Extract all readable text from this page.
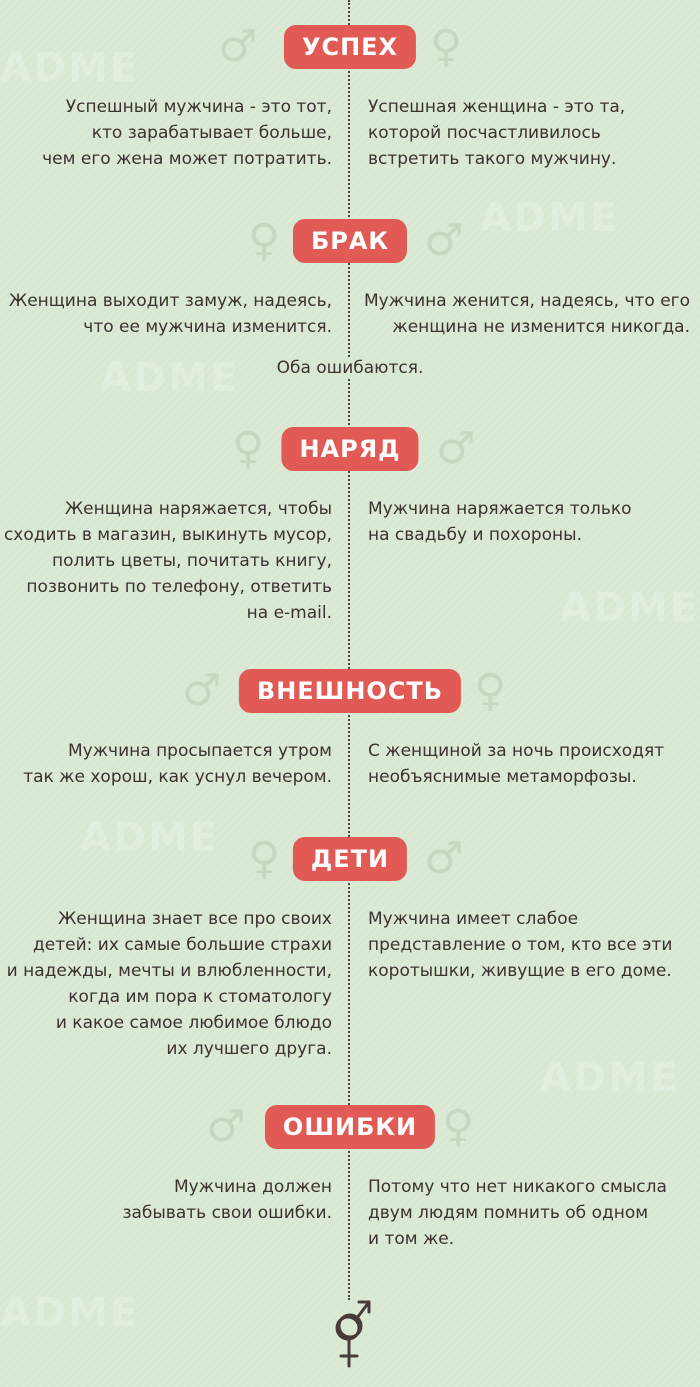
ADME
ADME
ADME
ADME
ADME
ADME
ADME
♂	УСПЕХ ♀
Успешный мужчина - это тот,
кто зарабатывает больше,
чем его жена может потратить.
Успешная женщина - это та,
которой посчастливилось
встретить такого мужчину.
♀	БРАК ♂
Женщина выходит замуж, надеясь,
что ее мужчина изменится.
Мужчина женится, надеясь, что его
женщина не изменится никогда.
Оба ошибаются.
♀	НАРЯД ♂
Женщина наряжается, чтобы
сходить в магазин, выкинуть мусор,
полить цветы, почитать книгу,
позвонить по телефону, ответить
на e-mail.
Мужчина наряжается только
на свадьбу и похороны.
♂	ВНЕШНОСТЬ ♀
Мужчина просыпается утром
так же хорош, как уснул вечером.
С женщиной за ночь происходят
необъяснимые метаморфозы.
♀	ДЕТИ ♂
Женщина знает все про своих
детей: их самые большие страхи
и надежды, мечты и влюбленности,
когда им пора к стоматологу
и какое самое любимое блюдо
их лучшего друга.
Мужчина имеет слабое
представление о том, кто все эти
коротышки, живущие в его доме.
♂	ОШИБКИ ♀
Мужчина должен
забывать свои ошибки.
Потому что нет никакого смысла
двум людям помнить об одном
и том же.
